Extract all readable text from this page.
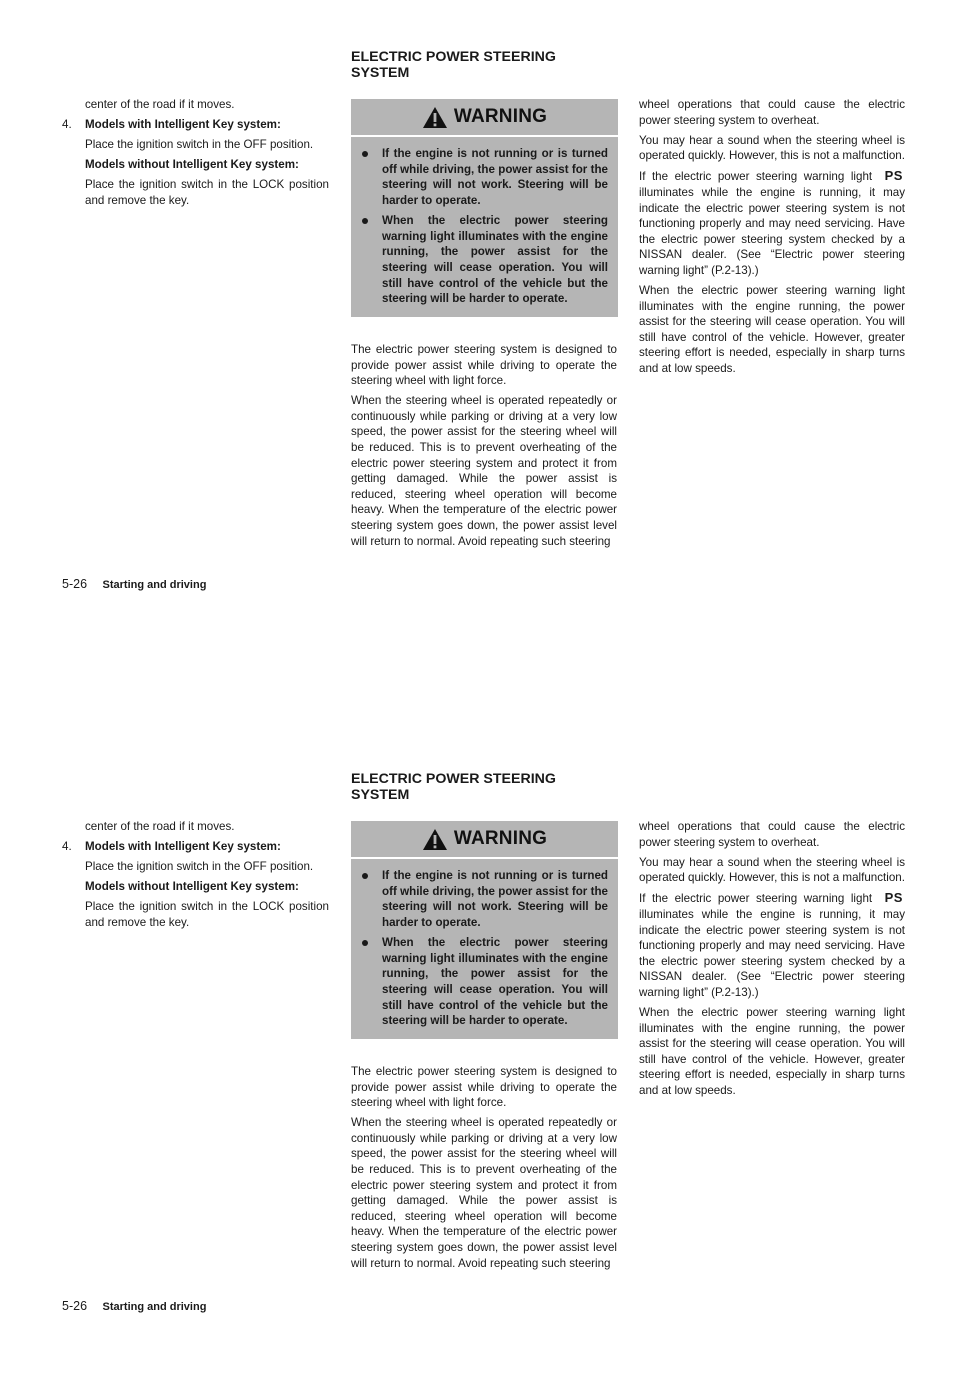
center of the road if it moves.

4. Models with Intelligent Key system:

Place the ignition switch in the OFF position.

Models without Intelligent Key system:

Place the ignition switch in the LOCK position and remove the key.

ELECTRIC POWER STEERING
SYSTEM
WARNING
If the engine is not running or is turned off while driving, the power assist for the steering will not work. Steering will be harder to operate.
When the electric power steering warning light illuminates with the engine running, the power assist for the steering will cease operation. You will still have control of the vehicle but the steering will be harder to operate.

The electric power steering system is designed to provide power assist while driving to operate the steering wheel with light force.

When the steering wheel is operated repeatedly or continuously while parking or driving at a very low speed, the power assist for the steering wheel will be reduced. This is to prevent overheating of the electric power steering system and protect it from getting damaged. While the power assist is reduced, steering wheel operation will become heavy. When the temperature of the electric power steering system goes down, the power assist level will return to normal. Avoid repeating such steering

wheel operations that could cause the electric power steering system to overheat.

You may hear a sound when the steering wheel is operated quickly. However, this is not a malfunction.

If the electric power steering warning light PS illuminates while the engine is running, it may indicate the electric power steering system is not functioning properly and may need servicing. Have the electric power steering system checked by a NISSAN dealer. (See “Electric power steering warning light” (P.2-13).)

When the electric power steering warning light illuminates with the engine running, the power assist for the steering will cease operation. You will still have control of the vehicle. However, greater steering effort is needed, especially in sharp turns and at low speeds.

5-26 Starting and driving

center of the road if it moves.

4. Models with Intelligent Key system:

Place the ignition switch in the OFF position.

Models without Intelligent Key system:

Place the ignition switch in the LOCK position and remove the key.

ELECTRIC POWER STEERING
SYSTEM
WARNING
If the engine is not running or is turned off while driving, the power assist for the steering will not work. Steering will be harder to operate.
When the electric power steering warning light illuminates with the engine running, the power assist for the steering will cease operation. You will still have control of the vehicle but the steering will be harder to operate.

The electric power steering system is designed to provide power assist while driving to operate the steering wheel with light force.

When the steering wheel is operated repeatedly or continuously while parking or driving at a very low speed, the power assist for the steering wheel will be reduced. This is to prevent overheating of the electric power steering system and protect it from getting damaged. While the power assist is reduced, steering wheel operation will become heavy. When the temperature of the electric power steering system goes down, the power assist level will return to normal. Avoid repeating such steering

wheel operations that could cause the electric power steering system to overheat.

You may hear a sound when the steering wheel is operated quickly. However, this is not a malfunction.

If the electric power steering warning light PS illuminates while the engine is running, it may indicate the electric power steering system is not functioning properly and may need servicing. Have the electric power steering system checked by a NISSAN dealer. (See “Electric power steering warning light” (P.2-13).)

When the electric power steering warning light illuminates with the engine running, the power assist for the steering will cease operation. You will still have control of the vehicle. However, greater steering effort is needed, especially in sharp turns and at low speeds.

5-26 Starting and driving
